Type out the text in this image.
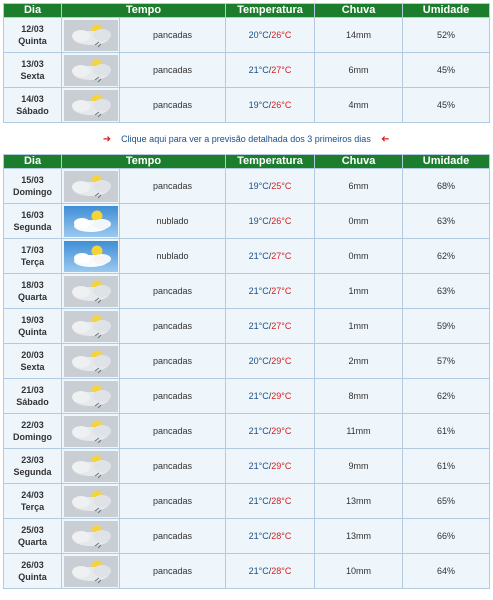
Dia	Tempo		Temperatura	Chuva	Umidade
12/03
Quinta		pancadas	20°C/26°C	14mm	52%
13/03
Sexta		pancadas	21°C/27°C	6mm	45%
14/03
Sábado		pancadas	19°C/26°C	4mm	45%
➜ Clique aqui para ver a previsão detalhada dos 3 primeiros dias ➜
Dia	Tempo		Temperatura	Chuva	Umidade
15/03
Domingo		pancadas	19°C/25°C	6mm	68%
16/03
Segunda		nublado	19°C/26°C	0mm	63%
17/03
Terça		nublado	21°C/27°C	0mm	62%
18/03
Quarta		pancadas	21°C/27°C	1mm	63%
19/03
Quinta		pancadas	21°C/27°C	1mm	59%
20/03
Sexta		pancadas	20°C/29°C	2mm	57%
21/03
Sábado		pancadas	21°C/29°C	8mm	62%
22/03
Domingo		pancadas	21°C/29°C	11mm	61%
23/03
Segunda		pancadas	21°C/29°C	9mm	61%
24/03
Terça		pancadas	21°C/28°C	13mm	65%
25/03
Quarta		pancadas	21°C/28°C	13mm	66%
26/03
Quinta		pancadas	21°C/28°C	10mm	64%
